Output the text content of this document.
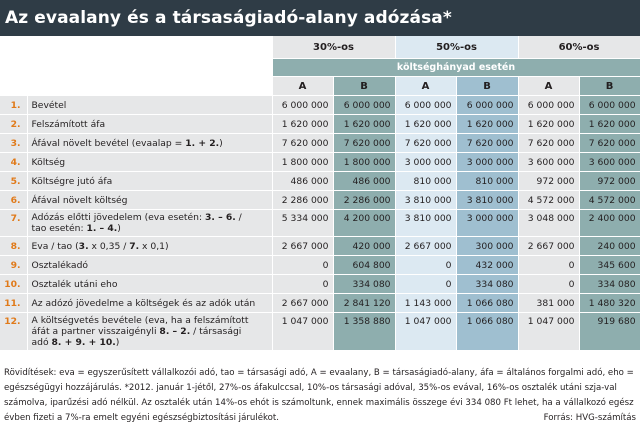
Az evaalany és a társaságiadó-alany adózása*
		30%-os		50%-os		60%-os	
		költséghányad esetén					
		A	B	A	B	A	B
1.	Bevétel	6 000 000	6 000 000	6 000 000	6 000 000	6 000 000	6 000 000
2.	Felszámított áfa	1 620 000	1 620 000	1 620 000	1 620 000	1 620 000	1 620 000
3.	Áfával növelt bevétel (evaalap = 1. + 2.)	7 620 000	7 620 000	7 620 000	7 620 000	7 620 000	7 620 000
4.	Költség	1 800 000	1 800 000	3 000 000	3 000 000	3 600 000	3 600 000
5.	Költségre jutó áfa	486 000	486 000	810 000	810 000	972 000	972 000
6.	Áfával növelt költség	2 286 000	2 286 000	3 810 000	3 810 000	4 572 000	4 572 000
7.	Adózás előtti jövedelem (eva esetén: 3. – 6. /
tao esetén: 1. – 4.)	5 334 000	4 200 000	3 810 000	3 000 000	3 048 000	2 400 000
8.	Eva / tao (3. x 0,35 / 7. x 0,1)	2 667 000	420 000	2 667 000	300 000	2 667 000	240 000
9.	Osztalékadó	0	604 800	0	432 000	0	345 600
10.	Osztalék utáni eho	0	334 080	0	334 080	0	334 080
11.	Az adózó jövedelme a költségek és az adók után	2 667 000	2 841 120	1 143 000	1 066 080	381 000	1 480 320
12.	A költségvetés bevétele (eva, ha a felszámított
áfát a partner visszaigényli 8. – 2. / társasági
adó 8. + 9. + 10.)	1 047 000	1 358 880	1 047 000	1 066 080	1 047 000	919 680
Rövidítések: eva = egyszerűsített vállalkozói adó, tao = társasági adó, A = evaalany, B = társaságiadó-alany, áfa = általános forgalmi adó, eho = egészségügyi hozzájárulás. *2012. január 1-jétől, 27%-os áfakulccsal, 10%-os társasági adóval, 35%-os evával, 16%-os osztalék utáni szja-val számolva, iparűzési adó nélkül. Az osztalék után 14%-os ehót is számoltunk, ennek maximális összege évi 334 080 Ft lehet, ha a vállalkozó egész évben fizeti a 7%-ra emelt egyéni egészségbiztosítási járulékot.	Forrás: HVG-számítás
